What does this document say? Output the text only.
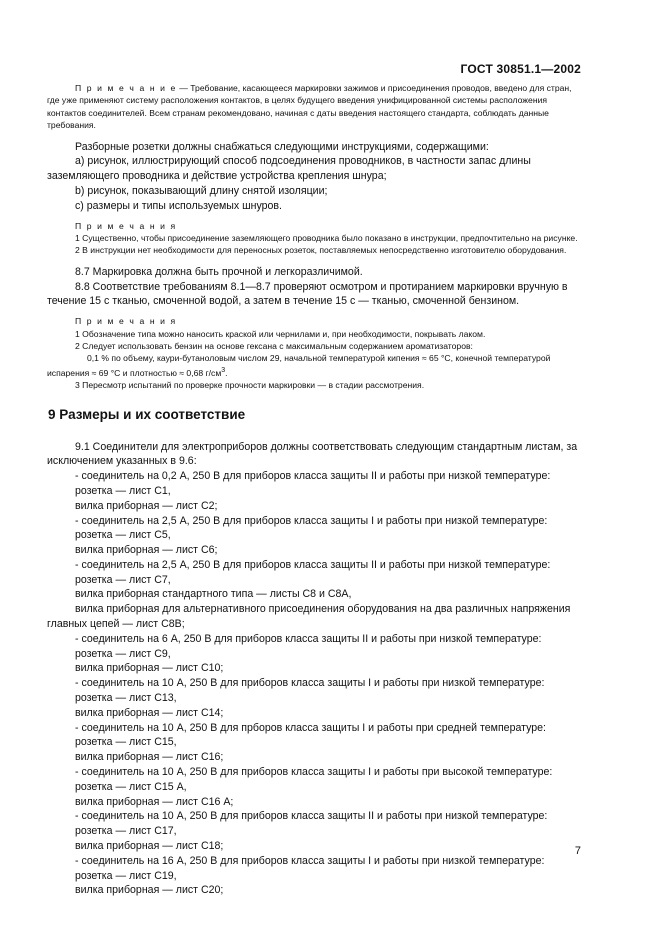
ГОСТ 30851.1—2002

П р и м е ч а н и е — Требование, касающееся маркировки зажимов и присоединения проводов, введено для стран, где уже применяют систему расположения контактов, в целях будущего введения унифицированной системы расположения контактов соединителей. Всем странам рекомендовано, начиная с даты введения настоящего стандарта, соблюдать данные требования.

Разборные розетки должны снабжаться следующими инструкциями, содержащими:

a) рисунок, иллюстрирующий способ подсоединения проводников, в частности запас длины заземляющего проводника и действие устройства крепления шнура;

b) рисунок, показывающий длину снятой изоляции;

c) размеры и типы используемых шнуров.

П р и м е ч а н и я

1 Существенно, чтобы присоединение заземляющего проводника было показано в инструкции, предпочтительно на рисунке.

2 В инструкции нет необходимости для переносных розеток, поставляемых непосредственно изготовителю оборудования.

8.7 Маркировка должна быть прочной и легкоразличимой.

8.8 Соответствие требованиям 8.1—8.7 проверяют осмотром и протиранием маркировки вручную в течение 15 с тканью, смоченной водой, а затем в течение 15 с — тканью, смоченной бензином.

П р и м е ч а н и я

1 Обозначение типа можно наносить краской или чернилами и, при необходимости, покрывать лаком.

2 Следует использовать бензин на основе гексана с максимальным содержанием ароматизаторов:

0,1 % по объему, каури-бутаноловым числом 29, начальной температурой кипения ≈ 65 °С, конечной температурой испарения ≈ 69 °С и плотностью ≈ 0,68 $г/см^3$.

3 Пересмотр испытаний по проверке прочности маркировки — в стадии рассмотрения.

9 Размеры и их соответствие

9.1 Соединители для электроприборов должны соответствовать следующим стандартным листам, за исключением указанных в 9.6:

- соединитель на 0,2 А, 250 В для приборов класса защиты II и работы при низкой температуре:

розетка — лист С1,

вилка приборная — лист С2;

- соединитель на 2,5 А, 250 В для приборов класса защиты I и работы при низкой температуре:

розетка — лист С5,

вилка приборная — лист С6;

- соединитель на 2,5 А, 250 В для приборов класса защиты II и работы при низкой температуре:

розетка — лист С7,

вилка приборная стандартного типа — листы С8 и С8А,

вилка приборная для альтернативного присоединения оборудования на два различных напряжения главных цепей — лист С8В;

- соединитель на 6 А, 250 В для приборов класса защиты II и работы при низкой температуре:

розетка — лист С9,

вилка приборная — лист С10;

- соединитель на 10 А, 250 В для приборов класса защиты I и работы при низкой температуре:

розетка — лист С13,

вилка приборная — лист С14;

- соединитель на 10 А, 250 В для прборов класса защиты I и работы при средней температуре:

розетка — лист С15,

вилка приборная — лист С16;

- соединитель на 10 А, 250 В для приборов класса защиты I и работы при высокой температуре:

розетка — лист С15 А,

вилка приборная — лист С16 А;

- соединитель на 10 А, 250 В для приборов класса защиты II и работы при низкой температуре:

розетка — лист С17,

вилка приборная — лист С18;

- соединитель на 16 А, 250 В для приборов класса защиты I и работы при низкой температуре:

розетка — лист С19,

вилка приборная — лист С20;

7
